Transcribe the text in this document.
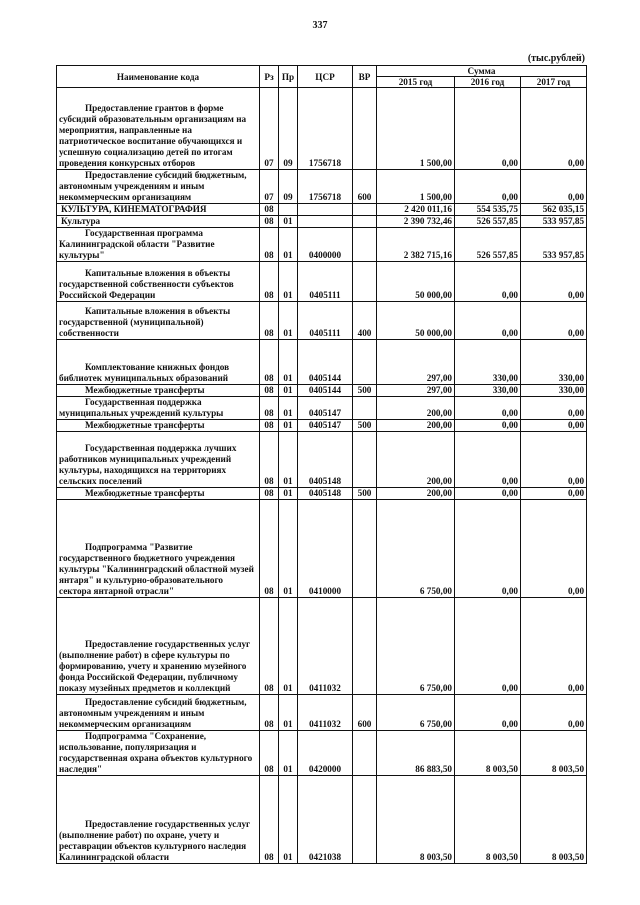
337
(тыс.рублей)
Наименование кода	Рз	Пр	ЦСР	ВР	Сумма		
					2015 год	2016 год	2017 год
Предоставление грантов в форме субсидий образовательным организациям на мероприятия, направленные на патриотическое воспитание обучающихся и успешную социализацию детей по итогам проведения конкурсных отборов	07	09	1756718		1 500,00	0,00	0,00
Предоставление субсидий бюджетным, автономным учреждениям и иным некоммерческим организациям	07	09	1756718	600	1 500,00	0,00	0,00
КУЛЬТУРА, КИНЕМАТОГРАФИЯ	08				2 420 011,16	554 535,75	562 035,15
Культура	08	01			2 390 732,46	526 557,85	533 957,85
Государственная программа Калининградской области "Развитие культуры"	08	01	0400000		2 382 715,16	526 557,85	533 957,85
Капитальные вложения в объекты государственной собственности субъектов Российской Федерации	08	01	0405111		50 000,00	0,00	0,00
Капитальные вложения в объекты государственной (муниципальной) собственности	08	01	0405111	400	50 000,00	0,00	0,00
Комплектование книжных фондов библиотек муниципальных образований	08	01	0405144		297,00	330,00	330,00
Межбюджетные трансферты	08	01	0405144	500	297,00	330,00	330,00
Государственная поддержка муниципальных учреждений культуры	08	01	0405147		200,00	0,00	0,00
Межбюджетные трансферты	08	01	0405147	500	200,00	0,00	0,00
Государственная поддержка лучших работников муниципальных учреждений культуры, находящихся на территориях сельских поселений	08	01	0405148		200,00	0,00	0,00
Межбюджетные трансферты	08	01	0405148	500	200,00	0,00	0,00
Подпрограмма "Развитие государственного бюджетного учреждения культуры "Калининградский областной музей янтаря" и культурно-образовательного сектора янтарной отрасли"	08	01	0410000		6 750,00	0,00	0,00
Предоставление государственных услуг (выполнение работ) в сфере культуры по формированию, учету и хранению музейного фонда Российской Федерации, публичному показу музейных предметов и коллекций	08	01	0411032		6 750,00	0,00	0,00
Предоставление субсидий бюджетным, автономным учреждениям и иным некоммерческим организациям	08	01	0411032	600	6 750,00	0,00	0,00
Подпрограмма "Сохранение, использование, популяризация и государственная охрана объектов культурного наследия"	08	01	0420000		86 883,50	8 003,50	8 003,50
Предоставление государственных услуг (выполнение работ) по охране, учету и реставрации объектов культурного наследия Калининградской области	08	01	0421038		8 003,50	8 003,50	8 003,50
